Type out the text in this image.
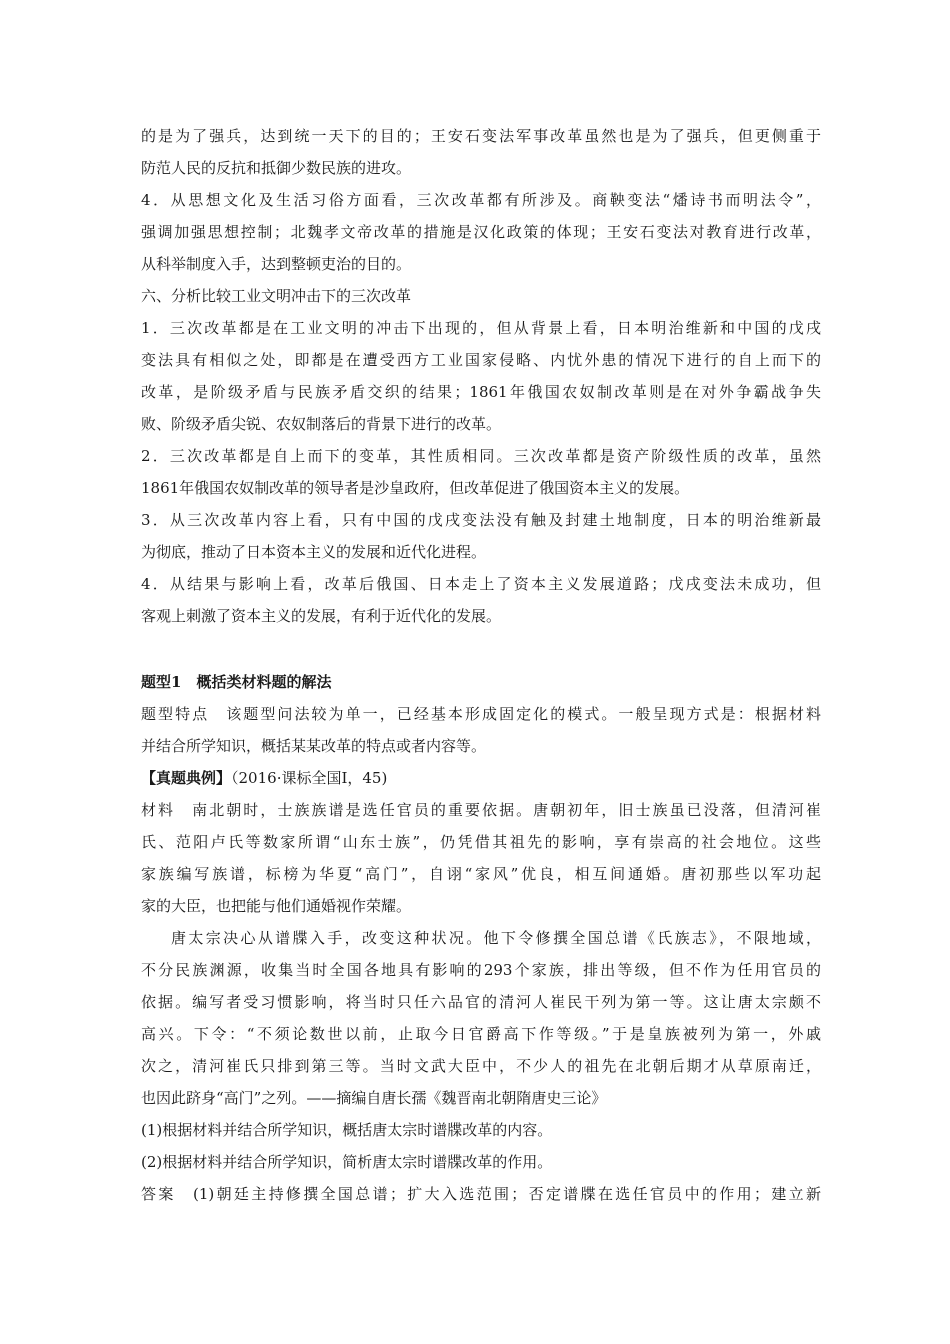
的是为了强兵，达到统一天下的目的；王安石变法军事改革虽然也是为了强兵，但更侧重于
防范人民的反抗和抵御少数民族的进攻。
4．从思想文化及生活习俗方面看，三次改革都有所涉及。商鞅变法“燔诗书而明法令”，
强调加强思想控制；北魏孝文帝改革的措施是汉化政策的体现；王安石变法对教育进行改革，
从科举制度入手，达到整顿吏治的目的。
六、分析比较工业文明冲击下的三次改革
1．三次改革都是在工业文明的冲击下出现的，但从背景上看，日本明治维新和中国的戊戌
变法具有相似之处，即都是在遭受西方工业国家侵略、内忧外患的情况下进行的自上而下的
改革，是阶级矛盾与民族矛盾交织的结果；1861年俄国农奴制改革则是在对外争霸战争失
败、阶级矛盾尖锐、农奴制落后的背景下进行的改革。
2．三次改革都是自上而下的变革，其性质相同。三次改革都是资产阶级性质的改革，虽然
1861年俄国农奴制改革的领导者是沙皇政府，但改革促进了俄国资本主义的发展。
3．从三次改革内容上看，只有中国的戊戌变法没有触及封建土地制度，日本的明治维新最
为彻底，推动了日本资本主义的发展和近代化进程。
4．从结果与影响上看，改革后俄国、日本走上了资本主义发展道路；戊戌变法未成功，但
客观上刺激了资本主义的发展，有利于近代化的发展。
题型1  概括类材料题的解法
题型特点　该题型问法较为单一，已经基本形成固定化的模式。一般呈现方式是：根据材料
并结合所学知识，概括某某改革的特点或者内容等。
【真题典例】（2016·课标全国Ⅰ，45)
材料　南北朝时，士族族谱是选任官员的重要依据。唐朝初年，旧士族虽已没落，但清河崔
氏、范阳卢氏等数家所谓“山东士族”，仍凭借其祖先的影响，享有崇高的社会地位。这些
家族编写族谱，标榜为华夏“高门”，自诩“家风”优良，相互间通婚。唐初那些以军功起
家的大臣，也把能与他们通婚视作荣耀。
唐太宗决心从谱牒入手，改变这种状况。他下令修撰全国总谱《氏族志》，不限地域，
不分民族渊源，收集当时全国各地具有影响的293个家族，排出等级，但不作为任用官员的
依据。编写者受习惯影响，将当时只任六品官的清河人崔民干列为第一等。这让唐太宗颇不
高兴。下令：“不须论数世以前，止取今日官爵高下作等级。”于是皇族被列为第一，外戚
次之，清河崔氏只排到第三等。当时文武大臣中，不少人的祖先在北朝后期才从草原南迁，
也因此跻身“高门”之列。——摘编自唐长孺《魏晋南北朝隋唐史三论》
(1)根据材料并结合所学知识，概括唐太宗时谱牒改革的内容。
(2)根据材料并结合所学知识，简析唐太宗时谱牒改革的作用。
答案　(1)朝廷主持修撰全国总谱；扩大入选范围；否定谱牒在选任官员中的作用；建立新
